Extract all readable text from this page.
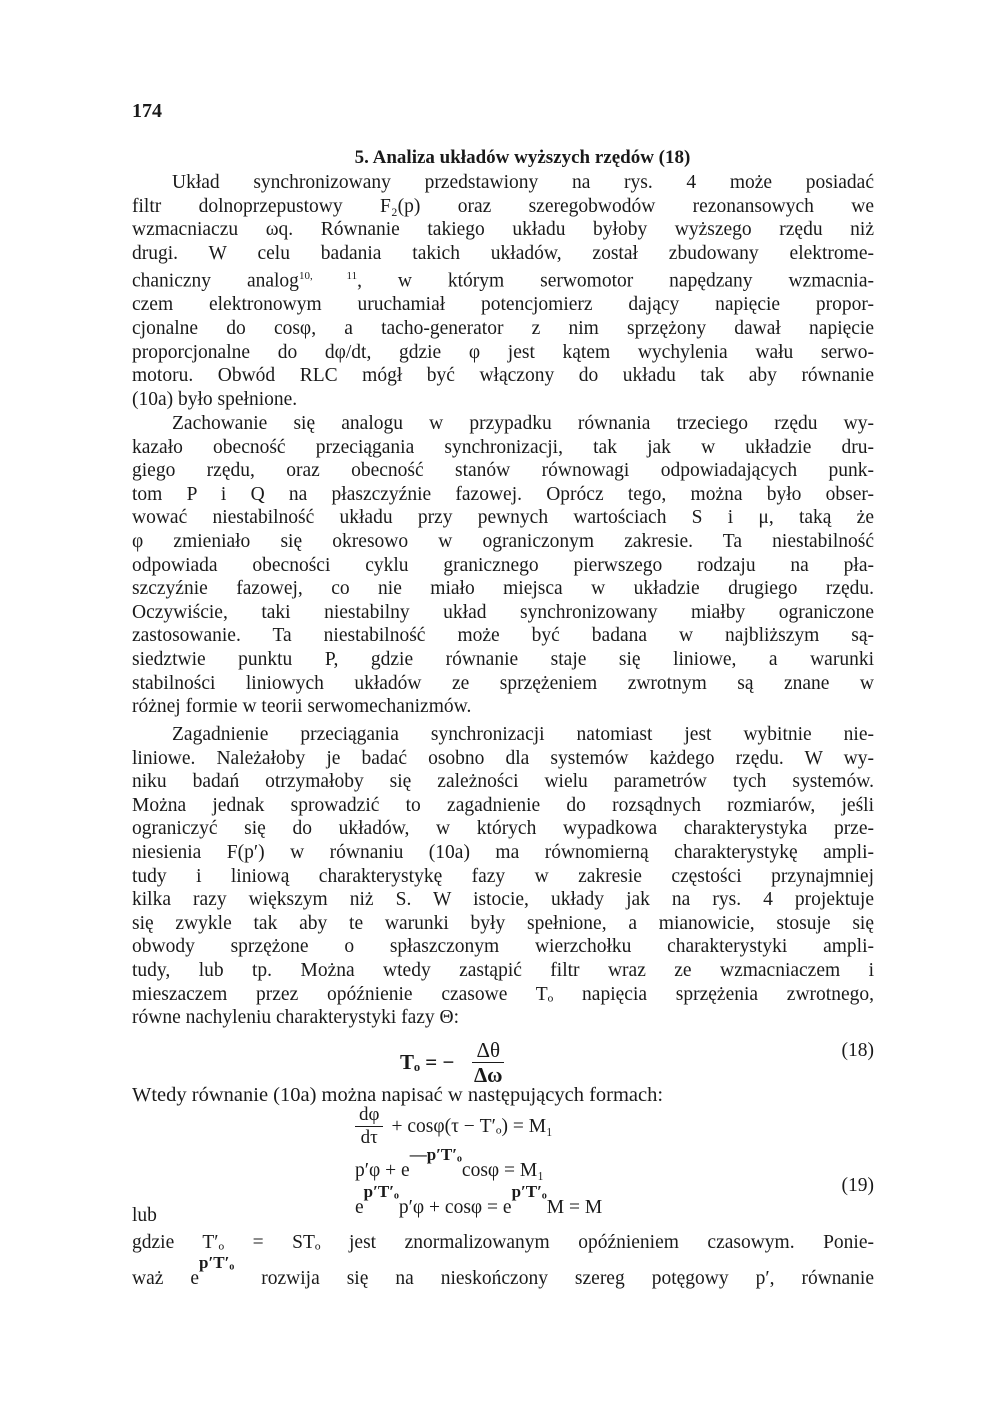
174
5. Analiza układów wyższych rzędów (18)
Układ synchronizowany przedstawiony na rys. 4 może posiadać
filtr dolnoprzepustowy F₂(p) oraz szeregobwodów rezonansowych we
wzmacniaczu ωq. Równanie takiego układu byłoby wyższego rzędu niż
drugi. W celu badania takich układów, został zbudowany elektrome-
chaniczny analog$^{10, 11}$, w którym serwomotor napędzany wzmacnia-
czem elektronowym uruchamiał potencjomierz dający napięcie propor-
cjonalne do cosφ, a tacho-generator z nim sprzężony dawał napięcie
proporcjonalne do dφ/dt, gdzie φ jest kątem wychylenia wału serwo-
motoru. Obwód RLC mógł być włączony do układu tak aby równanie
(10a) było spełnione.
Zachowanie się analogu w przypadku równania trzeciego rzędu wy-
kazało obecność przeciągania synchronizacji, tak jak w układzie dru-
giego rzędu, oraz obecność stanów równowagi odpowiadających punk-
tom P i Q na płaszczyźnie fazowej. Oprócz tego, można było obser-
wować niestabilność układu przy pewnych wartościach S i μ, taką że
φ zmieniało się okresowo w ograniczonym zakresie. Ta niestabilność
odpowiada obecności cyklu granicznego pierwszego rodzaju na pła-
szczyźnie fazowej, co nie miało miejsca w układzie drugiego rzędu.
Oczywiście, taki niestabilny układ synchronizowany miałby ograniczone
zastosowanie. Ta niestabilność może być badana w najbliższym są-
siedztwie punktu P, gdzie równanie staje się liniowe, a warunki
stabilności liniowych układów ze sprzężeniem zwrotnym są znane w
różnej formie w teorii serwomechanizmów.
Zagadnienie przeciągania synchronizacji natomiast jest wybitnie nie-
liniowe. Należałoby je badać osobno dla systemów każdego rzędu. W wy-
niku badań otrzymałoby się zależności wielu parametrów tych systemów.
Można jednak sprowadzić to zagadnienie do rozsądnych rozmiarów, jeśli
ograniczyć się do układów, w których wypadkowa charakterystyka prze-
niesienia F(p′) w równaniu (10a) ma równomierną charakterystykę ampli-
tudy i liniową charakterystykę fazy w zakresie częstości przynajmniej
kilka razy większym niż S. W istocie, układy jak na rys. 4 projektuje
się zwykle tak aby te warunki były spełnione, a mianowicie, stosuje się
obwody sprzężone o spłaszczonym wierzchołku charakterystyki ampli-
tudy, lub tp. Można wtedy zastąpić filtr wraz ze wzmacniaczem i
mieszaczem przez opóźnienie czasowe Tₒ napięcia sprzężenia zwrotnego,
równe nachyleniu charakterystyki fazy Θ:
Tₒ = − $\frac{\Delta\theta}{\Delta\omega}$	(18)
Wtedy równanie (10a) można napisać w następujących formach:
$\frac{d\varphi}{d\tau} + \cos\varphi(\tau - T'_o) = M_1$
p′φ + e—p′T′ₒcosφ = M₁
lub	ep′T′ₒp′φ + cosφ = ep′T′ₒM = M
(19)
gdzie T′ₒ = STₒ jest znormalizowanym opóźnieniem czasowym. Ponie-
waż ep′T′ₒ rozwija się na nieskończony szereg potęgowy p′, równanie
